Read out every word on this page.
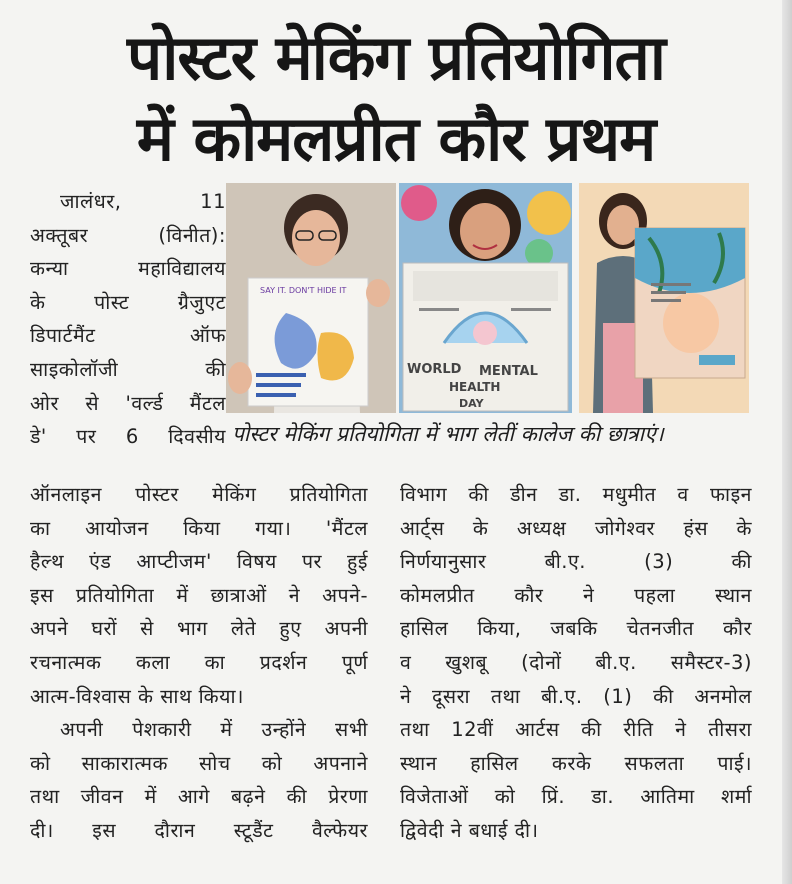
पोस्टर मेकिंग प्रतियोगिता
में कोमलप्रीत कौर प्रथम
जालंधर, 11
अक्तूबर (विनीत):
कन्या महाविद्यालय
के पोस्ट ग्रैजुएट
डिपार्टमैंट ऑफ
साइकोलॉजी की
ओर से 'वर्ल्ड मैंटल
डे' पर 6 दिवसीय
SAY IT. DON'T HIDE IT
WORLD MENTAL
HEALTH
DAY
पोस्टर मेकिंग प्रतियोगिता में भाग लेतीं कालेज की छात्राएं।
ऑनलाइन पोस्टर मेकिंग प्रतियोगिता
का आयोजन किया गया। 'मैंटल
हैल्थ एंड आप्टीजम' विषय पर हुई
इस प्रतियोगिता में छात्राओं ने अपने-
अपने घरों से भाग लेते हुए अपनी
रचनात्मक कला का प्रदर्शन पूर्ण
आत्म-विश्वास के साथ किया।
अपनी पेशकारी में उन्होंने सभी
को साकारात्मक सोच को अपनाने
तथा जीवन में आगे बढ़ने की प्रेरणा
दी। इस दौरान स्टूडैंट वैल्फेयर
विभाग की डीन डा. मधुमीत व फाइन
आर्ट्स के अध्यक्ष जोगेश्वर हंस के
निर्णयानुसार बी.ए. (3) की
कोमलप्रीत कौर ने पहला स्थान
हासिल किया, जबकि चेतनजीत कौर
व खुशबू (दोनों बी.ए. समैस्टर-3)
ने दूसरा तथा बी.ए. (1) की अनमोल
तथा 12वीं आर्टस की रीति ने तीसरा
स्थान हासिल करके सफलता पाई।
विजेताओं को प्रिं. डा. आतिमा शर्मा
द्विवेदी ने बधाई दी।
